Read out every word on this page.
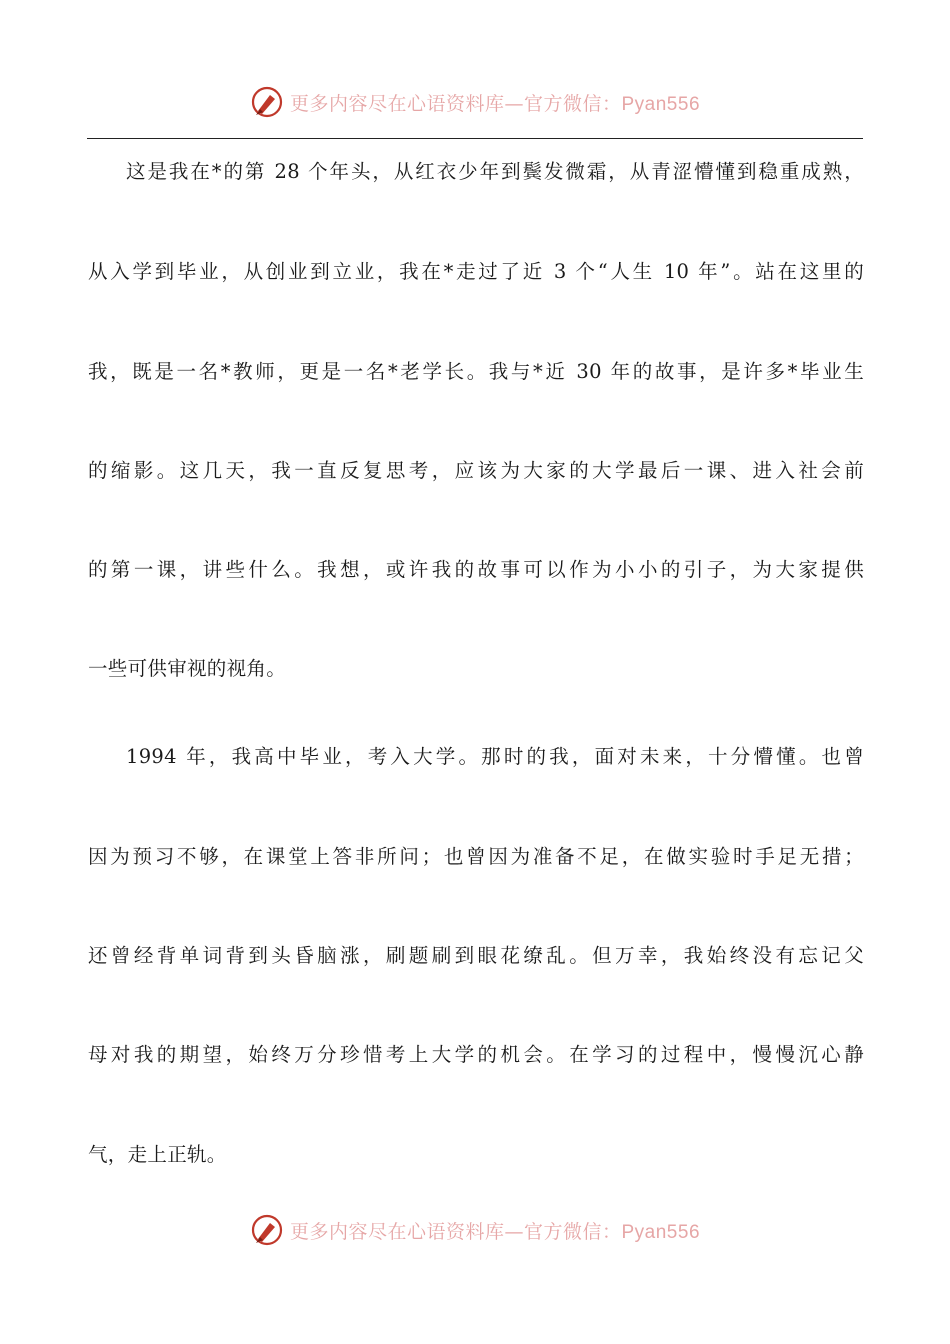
更多内容尽在心语资料库—官方微信：Pyan556
这是我在*的第 28 个年头，从红衣少年到鬓发微霜，从青涩懵懂到稳重成熟，
从入学到毕业，从创业到立业，我在*走过了近 3 个“人生 10 年”。站在这里的
我，既是一名*教师，更是一名*老学长。我与*近 30 年的故事，是许多*毕业生
的缩影。这几天，我一直反复思考，应该为大家的大学最后一课、进入社会前
的第一课，讲些什么。我想，或许我的故事可以作为小小的引子，为大家提供
一些可供审视的视角。
1994 年，我高中毕业，考入大学。那时的我，面对未来，十分懵懂。也曾
因为预习不够，在课堂上答非所问；也曾因为准备不足，在做实验时手足无措；
还曾经背单词背到头昏脑涨，刷题刷到眼花缭乱。但万幸，我始终没有忘记父
母对我的期望，始终万分珍惜考上大学的机会。在学习的过程中，慢慢沉心静
气，走上正轨。
更多内容尽在心语资料库—官方微信：Pyan556
